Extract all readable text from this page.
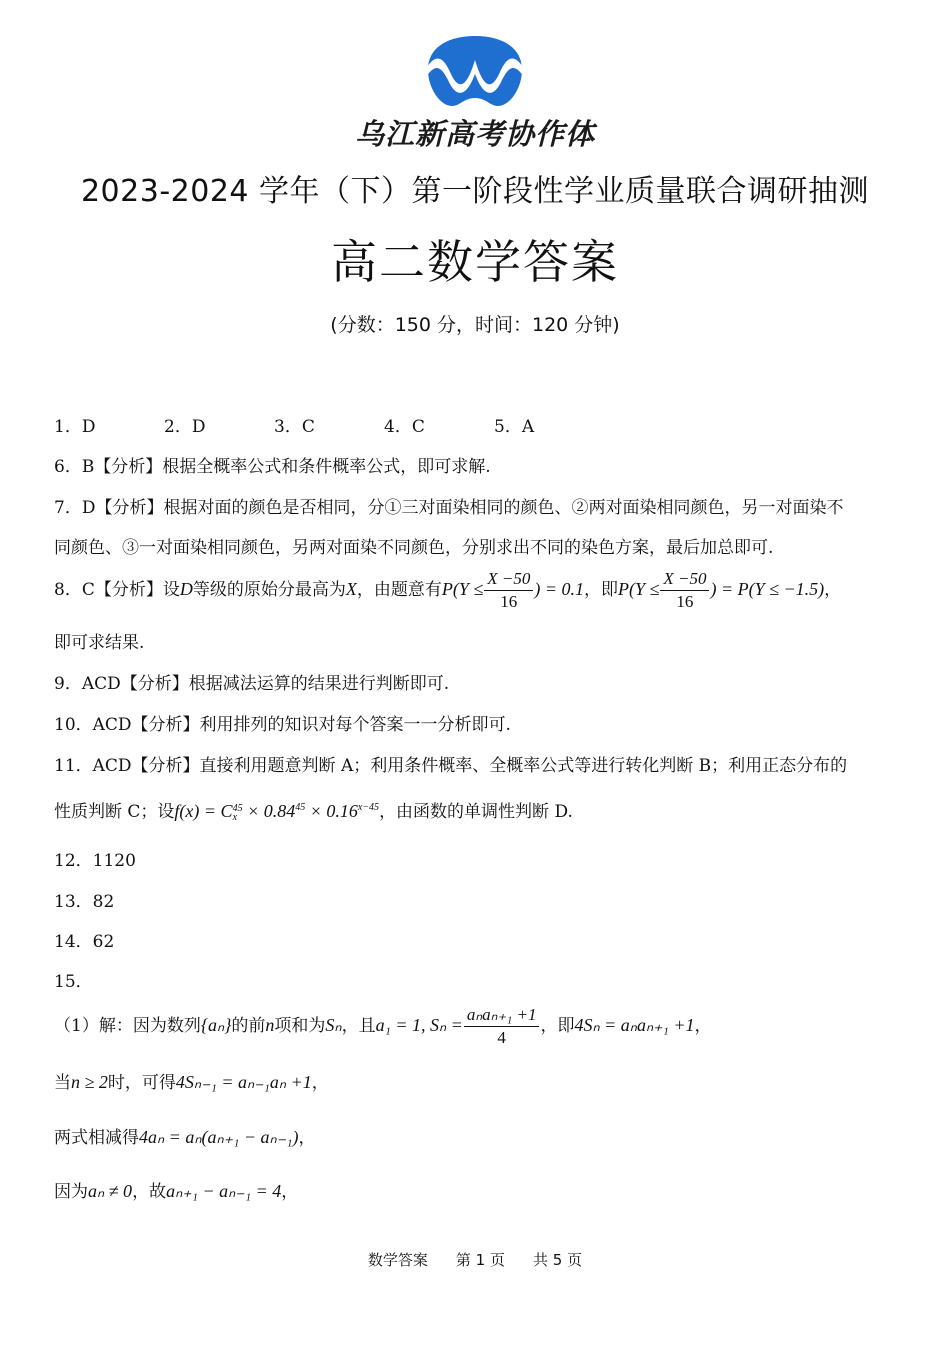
乌江新高考协作体
2023-2024 学年（下）第一阶段性学业质量联合调研抽测
高二数学答案
(分数：150 分，时间：120 分钟)
1．D	2．D	3．C	4．C	5．A
6．B【分析】根据全概率公式和条件概率公式，即可求解.
7．D【分析】根据对面的颜色是否相同，分①三对面染相同的颜色、②两对面染相同颜色，另一对面染不
同颜色、③一对面染相同颜色，另两对面染不同颜色，分别求出不同的染色方案，最后加总即可.
8．C【分析】设D等级的原始分最高为X，由题意有$P(Y \le \frac{X -50}{16}$ ) = 0.1，即$P(Y \le \frac{X -50}{16}$ ) = P(Y ≤ −1.5)，
即可求结果.
9．ACD【分析】根据减法运算的结果进行判断即可.
10．ACD【分析】利用排列的知识对每个答案一一分析即可.
11．ACD【分析】直接利用题意判断 A；利用条件概率、全概率公式等进行转化判断 B；利用正态分布的
性质判断 C；设f(x) = C 45
$x \times 0.84^{45} \times 0.16^{x-45}$，由函数的单调性判断 D.
12．1120
13．82
14．62
15．
（1）解：因为数列{aₙ}的前n项和为Sₙ，且a₁ = 1, $S_n = \frac{\text{aₙaₙ₊₁ +1}}{4}$ ，即4Sₙ = aₙaₙ₊₁ +1，
当n ≥ 2时，可得4Sₙ₋₁ = aₙ₋₁aₙ +1，
两式相减得4aₙ = aₙ(aₙ₊₁ − aₙ₋₁)，
因为aₙ ≠ 0，故aₙ₊₁ − aₙ₋₁ = 4，
数学答案 第 1 页 共 5 页
